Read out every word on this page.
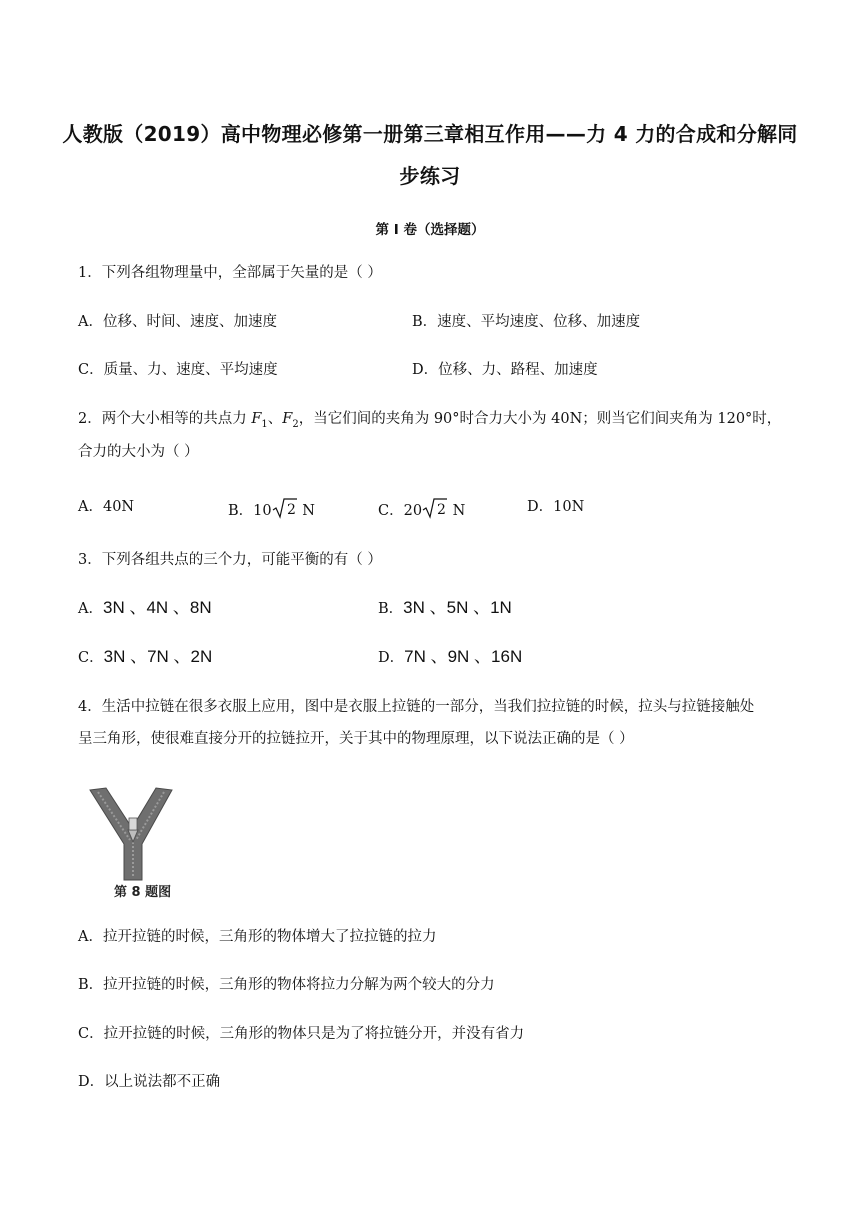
人教版（2019）高中物理必修第一册第三章相互作用——力 4 力的合成和分解同
步练习
第 I 卷（选择题）
1．下列各组物理量中，全部属于矢量的是（ ）
A．位移、时间、速度、加速度	B．速度、平均速度、位移、加速度
C．质量、力、速度、平均速度	D．位移、力、路程、加速度
2．两个大小相等的共点力 $F_1$、$F_2$，当它们间的夹角为 90°时合力大小为 40N；则当它们间夹角为 120°时，
合力的大小为（ ）
A．40N	B．10 2 N	C．20 2 N	D．10N
3．下列各组共点的三个力，可能平衡的有（ ）
A．3N 、4N 、8N	B．3N 、5N 、1N
C．3N 、7N 、2N	D．7N 、9N 、16N
4．生活中拉链在很多衣服上应用，图中是衣服上拉链的一部分，当我们拉拉链的时候，拉头与拉链接触处
呈三角形，使很难直接分开的拉链拉开，关于其中的物理原理，以下说法正确的是（ ）
第 8 题图
A．拉开拉链的时候，三角形的物体增大了拉拉链的拉力
B．拉开拉链的时候，三角形的物体将拉力分解为两个较大的分力
C．拉开拉链的时候，三角形的物体只是为了将拉链分开，并没有省力
D．以上说法都不正确
